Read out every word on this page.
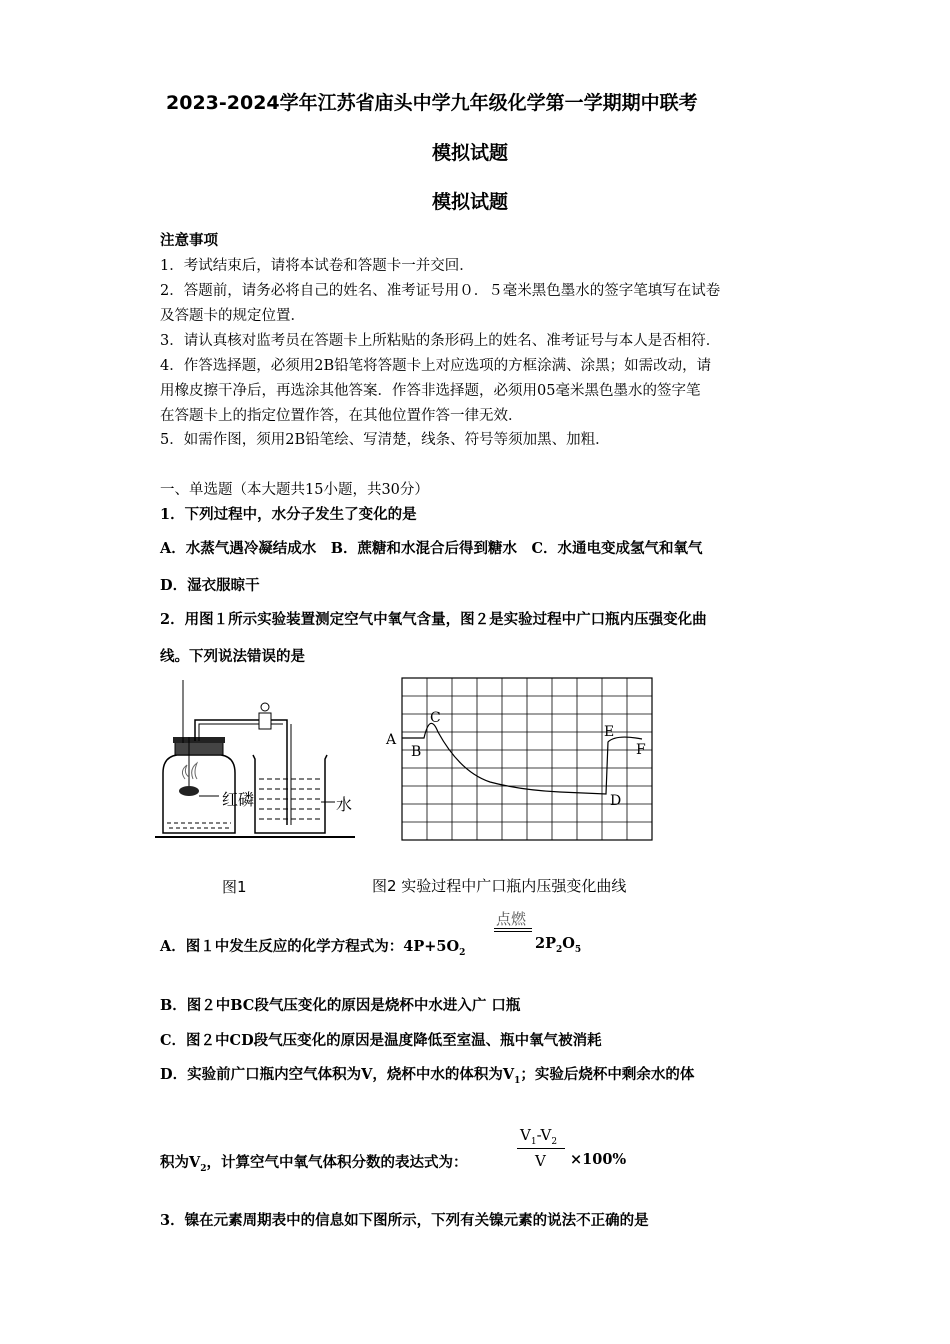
2023-2024学年江苏省庙头中学九年级化学第一学期期中联考
模拟试题
模拟试题
注意事项
1．考试结束后，请将本试卷和答题卡一并交回．
2．答题前，请务必将自己的姓名、准考证号用０．５毫米黑色墨水的签字笔填写在试卷
及答题卡的规定位置．
3．请认真核对监考员在答题卡上所粘贴的条形码上的姓名、准考证号与本人是否相符．
4．作答选择题，必须用2B铅笔将答题卡上对应选项的方框涂满、涂黑；如需改动，请
用橡皮擦干净后，再选涂其他答案．作答非选择题，必须用05毫米黑色墨水的签字笔
在答题卡上的指定位置作答，在其他位置作答一律无效．
5．如需作图，须用2B铅笔绘、写清楚，线条、符号等须加黑、加粗．
一、单选题（本大题共15小题，共30分）
1．下列过程中，水分子发生了变化的是
A．水蒸气遇冷凝结成水　B．蔗糖和水混合后得到糖水　C．水通电变成氢气和氧气
D．湿衣服晾干
2．用图１所示实验装置测定空气中氧气含量，图２是实验过程中广口瓶内压强变化曲
线。下列说法错误的是
红磷	水
图1
A
B
C
D
E
F
图2 实验过程中广口瓶内压强变化曲线
点燃
A．图１中发生反应的化学方程式为：$4P+5O_2$
$2P_2O_5$
B．图２中BC段气压变化的原因是烧杯中水进入广 口瓶
C．图２中CD段气压变化的原因是温度降低至室温、瓶中氧气被消耗
D．实验前广口瓶内空气体积为V，烧杯中水的体积为$V_1$；实验后烧杯中剩余水的体
$V_1-V_2$
V
积为$V_2$，计算空气中氧气体积分数的表达式为：	×100%
3．镍在元素周期表中的信息如下图所示，下列有关镍元素的说法不正确的是
